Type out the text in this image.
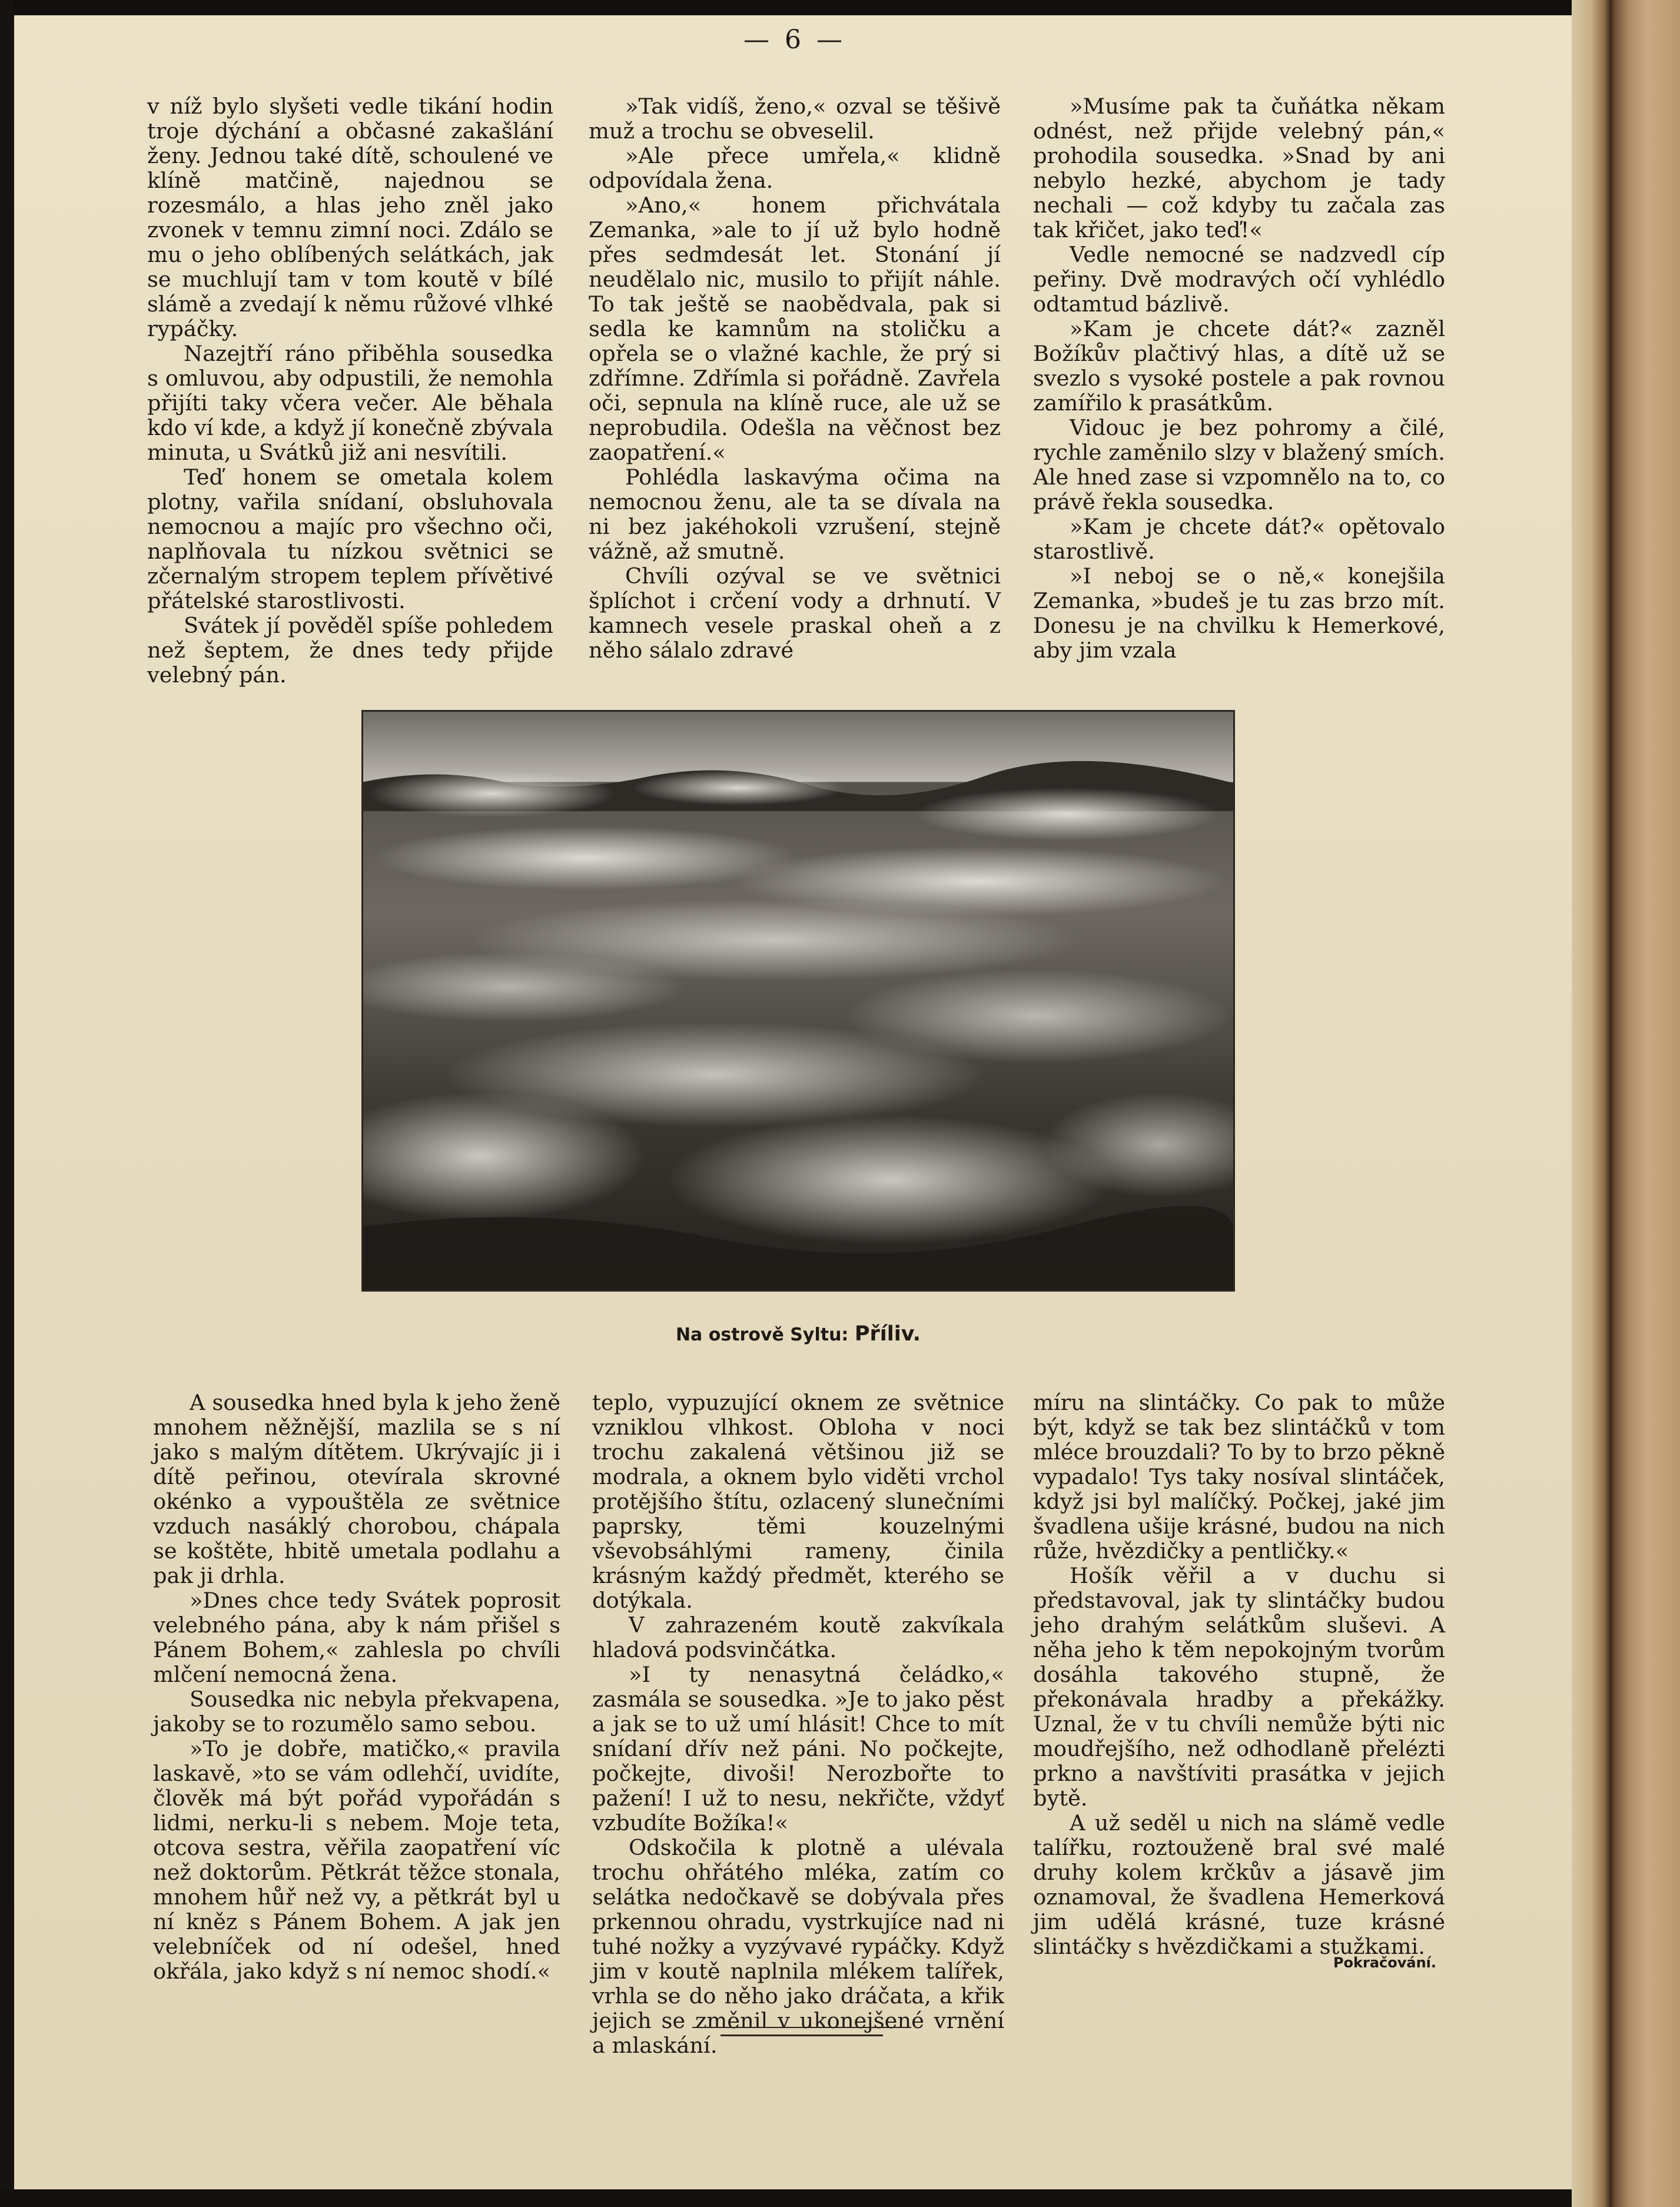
— 6 —

v níž bylo slyšeti vedle tikání hodin troje dýchání a občasné zakašlání ženy. Jednou také dítě, schoulené ve klíně matčině, najednou se rozesmálo, a hlas jeho zněl jako zvonek v temnu zimní noci. Zdálo se mu o jeho oblíbených selátkách, jak se muchlují tam v tom koutě v bílé slámě a zvedají k němu růžové vlhké rypáčky.

Nazejtří ráno přiběhla sousedka s omluvou, aby odpustili, že nemohla přijíti taky včera večer. Ale běhala kdo ví kde, a když jí konečně zbývala minuta, u Svátků již ani nesvítili.

Teď honem se ometala kolem plotny, vařila snídaní, obsluhovala nemocnou a majíc pro všechno oči, naplňovala tu nízkou světnici se zčernalým stropem teplem přívětivé přátelské starostlivosti.

Svátek jí pověděl spíše pohledem než šeptem, že dnes tedy přijde velebný pán.

»Tak vidíš, ženo,« ozval se těšivě muž a trochu se obveselil.

»Ale přece umřela,« klidně odpovídala žena.

»Ano,« honem přichvátala Zemanka, »ale to jí už bylo hodně přes sedmdesát let. Stonání jí neudělalo nic, musilo to přijít náhle. To tak ještě se naobědvala, pak si sedla ke kamnům na stoličku a opřela se o vlažné kachle, že prý si zdřímne. Zdřímla si pořádně. Zavřela oči, sepnula na klíně ruce, ale už se neprobudila. Odešla na věčnost bez zaopatření.«

Pohlédla laskavýma očima na nemocnou ženu, ale ta se dívala na ni bez jakéhokoli vzrušení, stejně vážně, až smutně.

Chvíli ozýval se ve světnici šplíchot i crčení vody a drhnutí. V kamnech vesele praskal oheň a z něho sálalo zdravé

»Musíme pak ta čuňátka někam odnést, než přijde velebný pán,« prohodila sousedka. »Snad by ani nebylo hezké, abychom je tady nechali — což kdyby tu začala zas tak křičet, jako teď!«

Vedle nemocné se nadzvedl cíp peřiny. Dvě modravých očí vyhlédlo odtamtud bázlivě.

»Kam je chcete dát?« zazněl Božíkův plačtivý hlas, a dítě už se svezlo s vysoké postele a pak rovnou zamířilo k prasátkům.

Vidouc je bez pohromy a čilé, rychle zaměnilo slzy v blažený smích. Ale hned zase si vzpomnělo na to, co právě řekla sousedka.

»Kam je chcete dát?« opětovalo starostlivě.

»I neboj se o ně,« konejšila Zemanka, »budeš je tu zas brzo mít. Donesu je na chvilku k Hemerkové, aby jim vzala

Na ostrově Syltu: Příliv.

A sousedka hned byla k jeho ženě mnohem něžnější, mazlila se s ní jako s malým dítětem. Ukrývajíc ji i dítě peřinou, otevírala skrovné okénko a vypouštěla ze světnice vzduch nasáklý chorobou, chápala se koštěte, hbitě umetala podlahu a pak ji drhla.

»Dnes chce tedy Svátek poprosit velebného pána, aby k nám přišel s Pánem Bohem,« zahlesla po chvíli mlčení nemocná žena.

Sousedka nic nebyla překvapena, jakoby se to rozumělo samo sebou.

»To je dobře, matičko,« pravila laskavě, »to se vám odlehčí, uvidíte, člověk má být pořád vypořádán s lidmi, nerku-li s nebem. Moje teta, otcova sestra, věřila zaopatření víc než doktorům. Pětkrát těžce stonala, mnohem hůř než vy, a pětkrát byl u ní kněz s Pánem Bohem. A jak jen velebníček od ní odešel, hned okřála, jako když s ní nemoc shodí.«

teplo, vypuzující oknem ze světnice vzniklou vlhkost. Obloha v noci trochu zakalená většinou již se modrala, a oknem bylo viděti vrchol protějšího štítu, ozlacený slunečními paprsky, těmi kouzelnými vševobsáhlými rameny, činila krásným každý předmět, kterého se dotýkala.

V zahrazeném koutě zakvíkala hladová podsvinčátka.

»I ty nenasytná čeládko,« zasmála se sousedka. »Je to jako pěst a jak se to už umí hlásit! Chce to mít snídaní dřív než páni. No počkejte, počkejte, divoši! Nerozbořte to pažení! I už to nesu, nekřičte, vždyť vzbudíte Božíka!«

Odskočila k plotně a ulévala trochu ohřátého mléka, zatím co selátka nedočkavě se dobývala přes prkennou ohradu, vystrkujíce nad ni tuhé nožky a vyzývavé rypáčky. Když jim v koutě naplnila mlékem talířek, vrhla se do něho jako dráčata, a křik jejich se změnil v ukonejšené vrnění a mlaskání.

míru na slintáčky. Co pak to může být, když se tak bez slintáčků v tom mléce brouzdali? To by to brzo pěkně vypadalo! Tys taky nosíval slintáček, když jsi byl malíčký. Počkej, jaké jim švadlena ušije krásné, budou na nich růže, hvězdičky a pentličky.«

Hošík věřil a v duchu si představoval, jak ty slintáčky budou jeho drahým selátkům sluševi. A něha jeho k těm nepokojným tvorům dosáhla takového stupně, že překonávala hradby a překážky. Uznal, že v tu chvíli nemůže býti nic moudřejšího, než odhodlaně přelézti prkno a navštíviti prasátka v jejich bytě.

A už seděl u nich na slámě vedle talířku, roztouženě bral své malé druhy kolem krčkův a jásavě jim oznamoval, že švadlena Hemerková jim udělá krásné, tuze krásné slintáčky s hvězdičkami a stužkami.

Pokračování.
